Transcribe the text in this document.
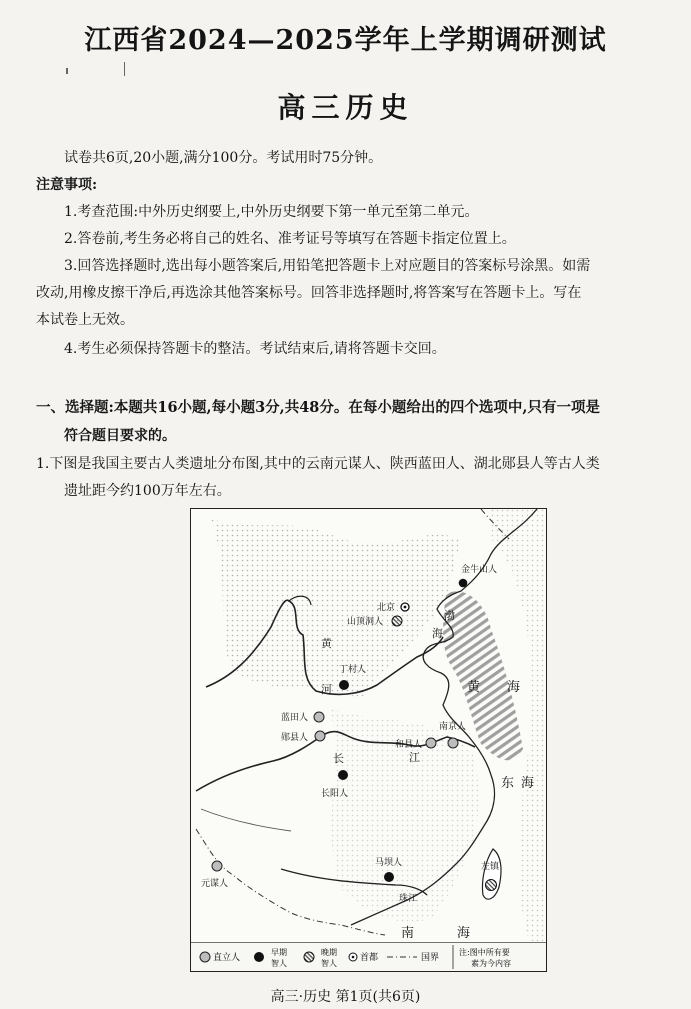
江西省2024—2025学年上学期调研测试
高三历史
试卷共6页,20小题,满分100分。考试用时75分钟。
注意事项:
1.考查范围:中外历史纲要上,中外历史纲要下第一单元至第二单元。
2.答卷前,考生务必将自己的姓名、准考证号等填写在答题卡指定位置上。
3.回答选择题时,选出每小题答案后,用铅笔把答题卡上对应题目的答案标号涂黑。如需
改动,用橡皮擦干净后,再选涂其他答案标号。回答非选择题时,将答案写在答题卡上。写在
本试卷上无效。
4.考生必须保持答题卡的整洁。考试结束后,请将答题卡交回。
一、选择题:本题共16小题,每小题3分,共48分。在每小题给出的四个选项中,只有一项是
符合题目要求的。
1.下图是我国主要古人类遗址分布图,其中的云南元谋人、陕西蓝田人、湖北郧县人等古人类
遗址距今约100万年左右。
金牛山人
北京
山顶洞人
丁村人
蓝田人
郧县人
南京人
和县人
长阳人
元谋人
马坝人	左镇
渤
海
黄
河	黄 海
东 海
长	江
珠江
南	海
直立人
早期
智人
晚期
智人
首都	国界
注:图中所有要
素为今内容
高三·历史 第1页(共6页)
